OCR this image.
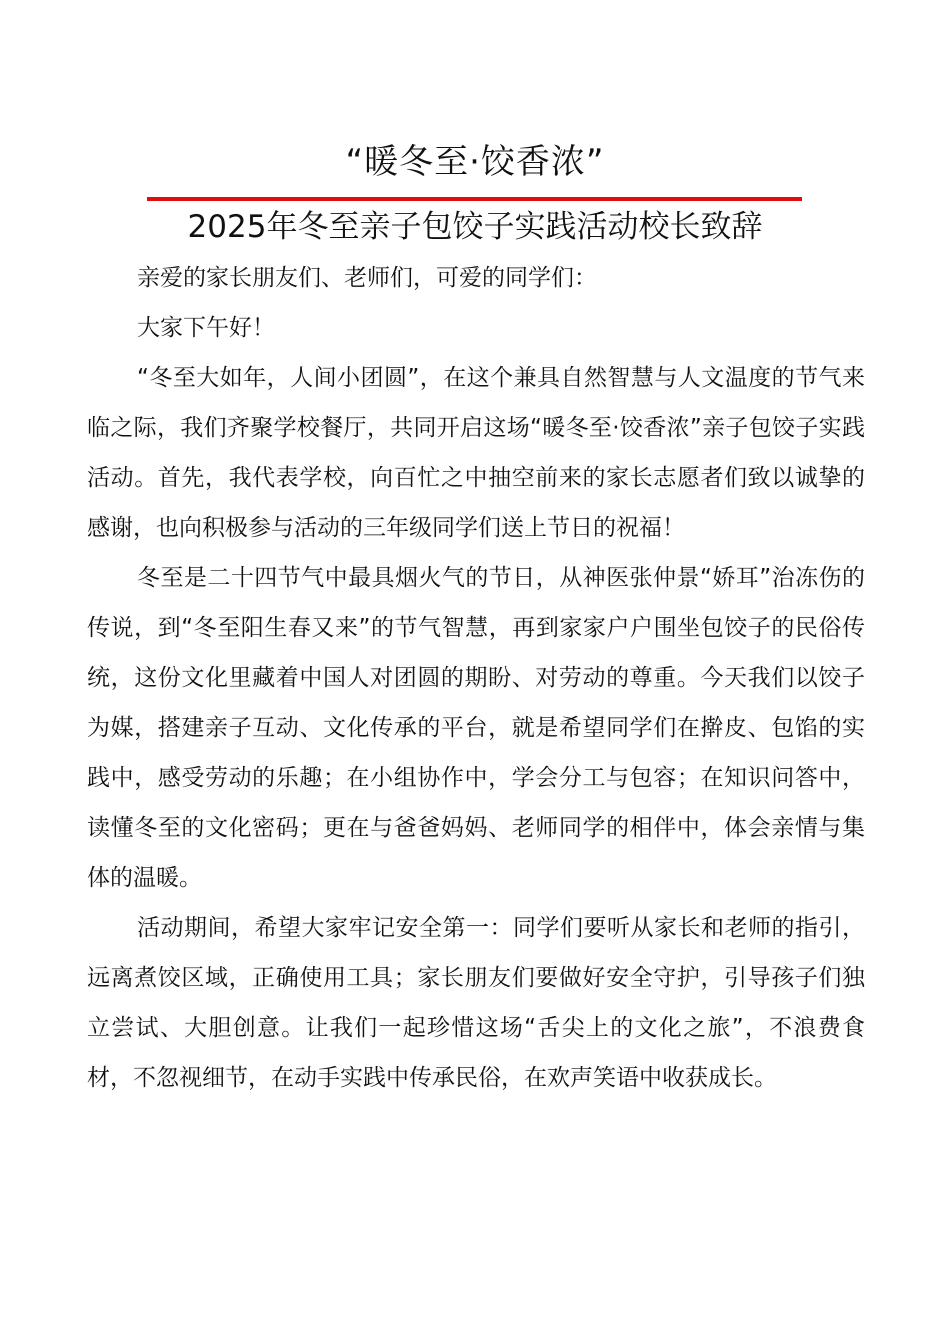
“暖冬至·饺香浓”
2025年冬至亲子包饺子实践活动校长致辞

亲爱的家长朋友们、老师们，可爱的同学们：

大家下午好！

“冬至大如年，人间小团圆”，在这个兼具自然智慧与人文温度的节气来临之际，我们齐聚学校餐厅，共同开启这场“暖冬至·饺香浓”亲子包饺子实践活动。首先，我代表学校，向百忙之中抽空前来的家长志愿者们致以诚挚的感谢，也向积极参与活动的三年级同学们送上节日的祝福！

冬至是二十四节气中最具烟火气的节日，从神医张仲景“娇耳”治冻伤的传说，到“冬至阳生春又来”的节气智慧，再到家家户户围坐包饺子的民俗传统，这份文化里藏着中国人对团圆的期盼、对劳动的尊重。今天我们以饺子为媒，搭建亲子互动、文化传承的平台，就是希望同学们在擀皮、包馅的实践中，感受劳动的乐趣；在小组协作中，学会分工与包容；在知识问答中，读懂冬至的文化密码；更在与爸爸妈妈、老师同学的相伴中，体会亲情与集体的温暖。

活动期间，希望大家牢记安全第一：同学们要听从家长和老师的指引，远离煮饺区域，正确使用工具；家长朋友们要做好安全守护，引导孩子们独立尝试、大胆创意。让我们一起珍惜这场“舌尖上的文化之旅”，不浪费食材，不忽视细节，在动手实践中传承民俗，在欢声笑语中收获成长。
